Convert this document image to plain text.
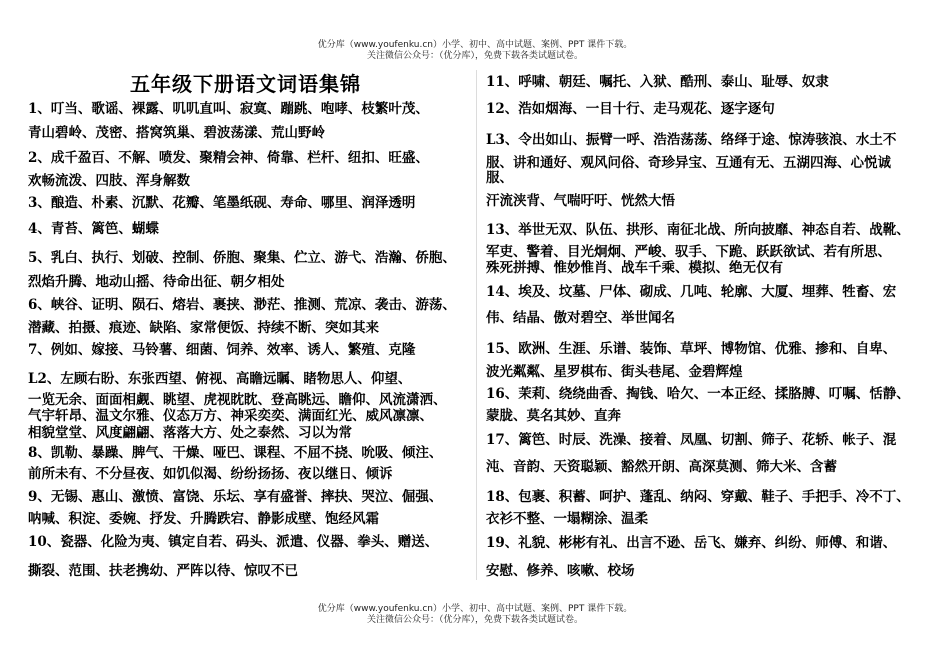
优分库（www.youfenku.cn）小学、初中、高中试题、案例、PPT 课件下载。
关注微信公众号：（优分库），免费下载各类试题试卷。
五年级下册语文词语集锦
1、叮当、歌谣、裸露、叽叽直叫、寂寞、蹦跳、咆哮、枝繁叶茂、
青山碧岭、茂密、搭窝筑巢、碧波荡漾、荒山野岭
2、成千盈百、不解、喷发、聚精会神、倚靠、栏杆、纽扣、旺盛、
欢畅流泼、四肢、浑身解数
3、酿造、朴素、沉默、花瓣、笔墨纸砚、寿命、哪里、润泽透明
4、青苔、篱笆、蝴蝶
5、乳白、执行、划破、控制、侨胞、聚集、伫立、游弋、浩瀚、侨胞、
烈焰升腾、地动山摇、待命出征、朝夕相处
6、峡谷、证明、陨石、熔岩、裹挟、渺茫、推测、荒凉、袭击、游荡、
潜藏、拍摄、痕迹、缺陷、家常便饭、持续不断、突如其来
7、例如、嫁接、马铃薯、细菌、饲养、效率、诱人、繁殖、克隆
L2、左顾右盼、东张西望、俯视、高瞻远瞩、睹物思人、仰望、
一览无余、面面相觑、眺望、虎视眈眈、登高眺远、瞻仰、风流潇洒、
气宇轩昂、温文尔雅、仪态万方、神采奕奕、满面红光、威风凛凛、
相貌堂堂、风度翩翩、落落大方、处之泰然、习以为常
8、凯勒、暴躁、脾气、干燥、哑巴、课程、不屈不挠、吮吸、倾注、
前所未有、不分昼夜、如饥似渴、纷纷扬扬、夜以继日、倾诉
9、无锡、惠山、激愤、富饶、乐坛、享有盛誉、摔抉、哭泣、倔强、
呐喊、积淀、委婉、抒发、升腾跌宕、静影成壁、饱经风霜
10、瓷器、化险为夷、镇定自若、码头、派遣、仪器、拳头、赠送、
撕裂、范围、扶老携幼、严阵以待、惊叹不已
11、呼啸、朝廷、嘱托、入狱、酷刑、泰山、耻辱、奴隶
12、浩如烟海、一目十行、走马观花、逐字逐句
L3、令出如山、振臂一呼、浩浩荡荡、络绎于途、惊涛骇浪、水土不
服、讲和通好、观风问俗、奇珍异宝、互通有无、五湖四海、心悦诚
服、
汗流浃背、气喘吁吁、恍然大悟
13、举世无双、队伍、拱形、南征北战、所向披靡、神态自若、战靴、
军吏、警着、目光炯炯、严峻、驭手、下跪、跃跃欲试、若有所思、
殊死拼搏、惟妙惟肖、战车千乘、模拟、绝无仅有
14、埃及、坟墓、尸体、砌成、几吨、轮廓、大厦、埋葬、牲畜、宏
伟、结晶、傲对碧空、举世闻名
15、欧洲、生涯、乐谱、装饰、草坪、博物馆、优雅、掺和、自卑、
波光粼粼、星罗棋布、街头巷尾、金碧辉煌
16、茉莉、绕绕曲香、掏钱、哈欠、一本正经、揉胳膊、叮嘱、恬静、
蒙胧、莫名其妙、直奔
17、篱笆、时辰、洗澡、接着、凤凰、切割、筛子、花轿、帐子、混
沌、音韵、天资聪颖、豁然开朗、高深莫测、筛大米、含蓄
18、包裹、积蓄、呵护、蓬乱、纳闷、穿戴、鞋子、手把手、冷不丁、
衣衫不整、一塌糊涂、温柔
19、礼貌、彬彬有礼、出言不逊、岳飞、嫌弃、纠纷、师傅、和谐、
安慰、修养、咳嗽、校场
优分库（www.youfenku.cn）小学、初中、高中试题、案例、PPT 课件下载。
关注微信公众号：（优分库），免费下载各类试题试卷。
